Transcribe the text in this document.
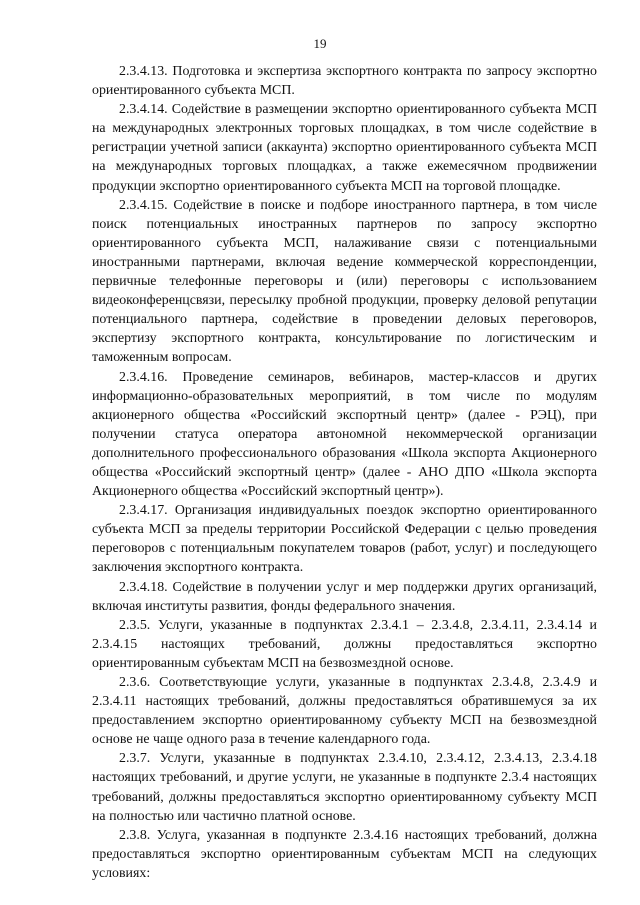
19

2.3.4.13. Подготовка и экспертиза экспортного контракта по запросу экспортно ориентированного субъекта МСП.

2.3.4.14. Содействие в размещении экспортно ориентированного субъекта МСП на международных электронных торговых площадках, в том числе содействие в регистрации учетной записи (аккаунта) экспортно ориентированного субъекта МСП на международных торговых площадках, а также ежемесячном продвижении продукции экспортно ориентированного субъекта МСП на торговой площадке.

2.3.4.15. Содействие в поиске и подборе иностранного партнера, в том числе поиск потенциальных иностранных партнеров по запросу экспортно ориентированного субъекта МСП, налаживание связи с потенциальными иностранными партнерами, включая ведение коммерческой корреспонденции, первичные телефонные переговоры и (или) переговоры с использованием видеоконференцсвязи, пересылку пробной продукции, проверку деловой репутации потенциального партнера, содействие в проведении деловых переговоров, экспертизу экспортного контракта, консультирование по логистическим и таможенным вопросам.

2.3.4.16. Проведение семинаров, вебинаров, мастер-классов и других информационно-образовательных мероприятий, в том числе по модулям акционерного общества «Российский экспортный центр» (далее - РЭЦ), при получении статуса оператора автономной некоммерческой организации дополнительного профессионального образования «Школа экспорта Акционерного общества «Российский экспортный центр» (далее - АНО ДПО «Школа экспорта Акционерного общества «Российский экспортный центр»).

2.3.4.17. Организация индивидуальных поездок экспортно ориентированного субъекта МСП за пределы территории Российской Федерации с целью проведения переговоров с потенциальным покупателем товаров (работ, услуг) и последующего заключения экспортного контракта.

2.3.4.18. Содействие в получении услуг и мер поддержки других организаций, включая институты развития, фонды федерального значения.

2.3.5. Услуги, указанные в подпунктах 2.3.4.1 – 2.3.4.8, 2.3.4.11, 2.3.4.14 и 2.3.4.15 настоящих требований, должны предоставляться экспортно ориентированным субъектам МСП на безвозмездной основе.

2.3.6. Соответствующие услуги, указанные в подпунктах 2.3.4.8, 2.3.4.9 и 2.3.4.11 настоящих требований, должны предоставляться обратившемуся за их предоставлением экспортно ориентированному субъекту МСП на безвозмездной основе не чаще одного раза в течение календарного года.

2.3.7. Услуги, указанные в подпунктах 2.3.4.10, 2.3.4.12, 2.3.4.13, 2.3.4.18 настоящих требований, и другие услуги, не указанные в подпункте 2.3.4 настоящих требований, должны предоставляться экспортно ориентированному субъекту МСП на полностью или частично платной основе.

2.3.8. Услуга, указанная в подпункте 2.3.4.16 настоящих требований, должна предоставляться экспортно ориентированным субъектам МСП на следующих условиях:
